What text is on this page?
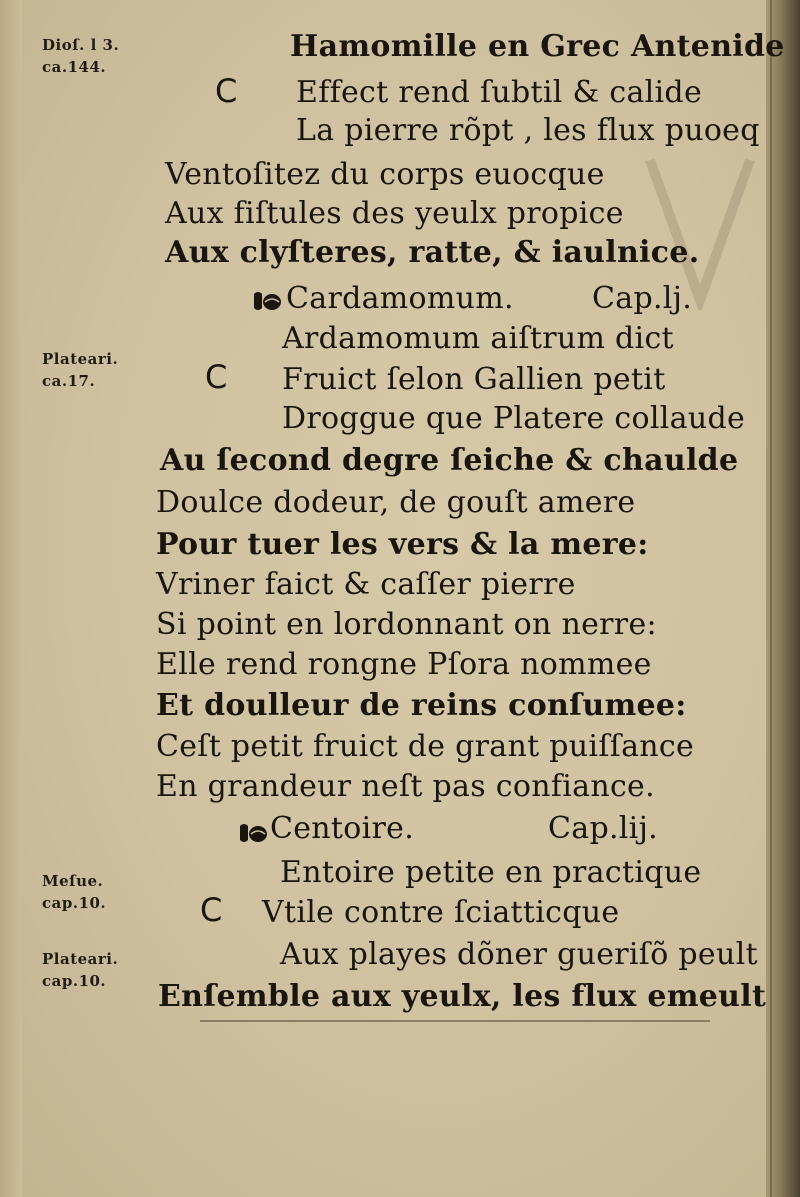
Dioſ. l 3.
ca.144.
Plateari.
ca.17.
Meſue.
cap.10.
Plateari.
cap.10.
C
C
C
Hamomille en Grec Antenide
Effect rend ſubtil & calide
La pierre rõpt , les flux puoeq
Ventoſitez du corps euocque
Aux fiſtules des yeulx propice
Aux clyſteres, ratte, & iaulnice.
Cardamomum.	Cap.lj.
Ardamomum aiſtrum dict
Fruict ſelon Gallien petit
Droggue que Platere collaude
Au ſecond degre ſeiche & chaulde
Doulce dodeur, de gouſt amere
Pour tuer les vers & la mere:
Vriner faict & caſſer pierre
Si point en lordonnant on nerre:
Elle rend rongne Pſora nommee
Et doulleur de reins conſumee:
Ceſt petit fruict de grant puiſſance
En grandeur neſt pas confiance.
Centoire.	Cap.lij.
Entoire petite en practique
Vtile contre ſciatticque
Aux playes dõner gueriſõ peult
Enſemble aux yeulx, les flux emeult
